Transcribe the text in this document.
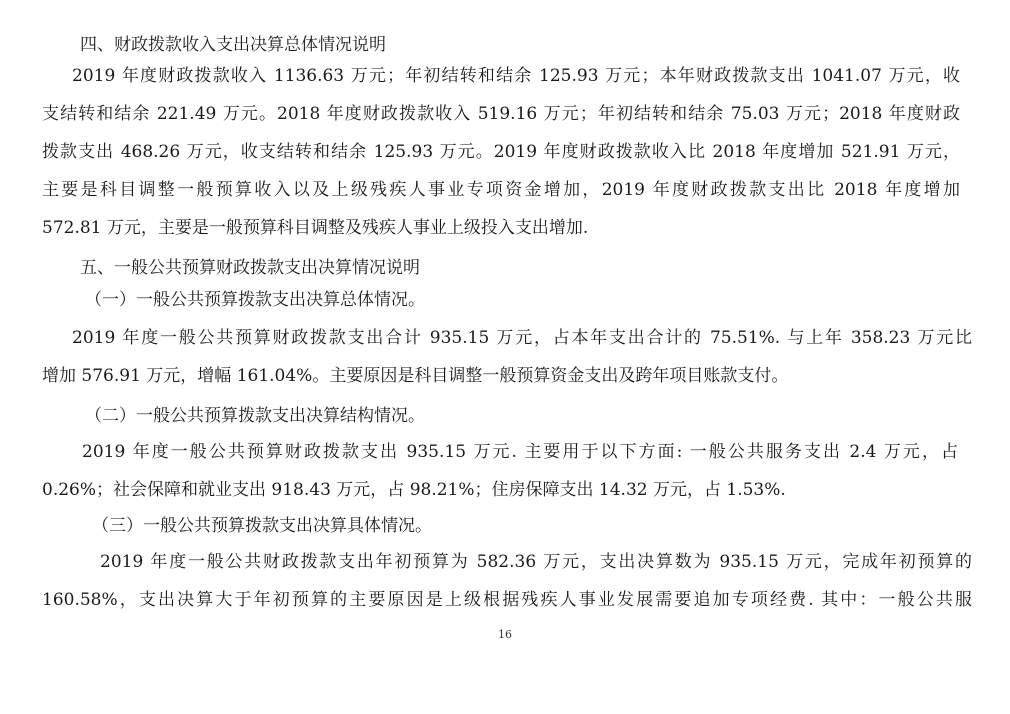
四、财政拨款收入支出决算总体情况说明
2019 年度财政拨款收入 1136.63 万元；年初结转和结余 125.93 万元；本年财政拨款支出 1041.07 万元，收
支结转和结余 221.49 万元。2018 年度财政拨款收入 519.16 万元；年初结转和结余 75.03 万元；2018 年度财政
拨款支出 468.26 万元，收支结转和结余 125.93 万元。2019 年度财政拨款收入比 2018 年度增加 521.91 万元，
主要是科目调整一般预算收入以及上级残疾人事业专项资金增加，2019 年度财政拨款支出比 2018 年度增加
572.81 万元，主要是一般预算科目调整及残疾人事业上级投入支出增加.
五、一般公共预算财政拨款支出决算情况说明
（一）一般公共预算拨款支出决算总体情况。
2019 年度一般公共预算财政拨款支出合计 935.15 万元，占本年支出合计的 75.51%. 与上年 358.23 万元比
增加 576.91 万元，增幅 161.04%。主要原因是科目调整一般预算资金支出及跨年项目账款支付。
（二）一般公共预算拨款支出决算结构情况。
2019 年度一般公共预算财政拨款支出 935.15 万元. 主要用于以下方面: 一般公共服务支出 2.4 万元，占
0.26%；社会保障和就业支出 918.43 万元，占 98.21%；住房保障支出 14.32 万元，占 1.53%.
（三）一般公共预算拨款支出决算具体情况。
2019 年度一般公共财政拨款支出年初预算为 582.36 万元，支出决算数为 935.15 万元，完成年初预算的
160.58%，支出决算大于年初预算的主要原因是上级根据残疾人事业发展需要追加专项经费. 其中：一般公共服
16
